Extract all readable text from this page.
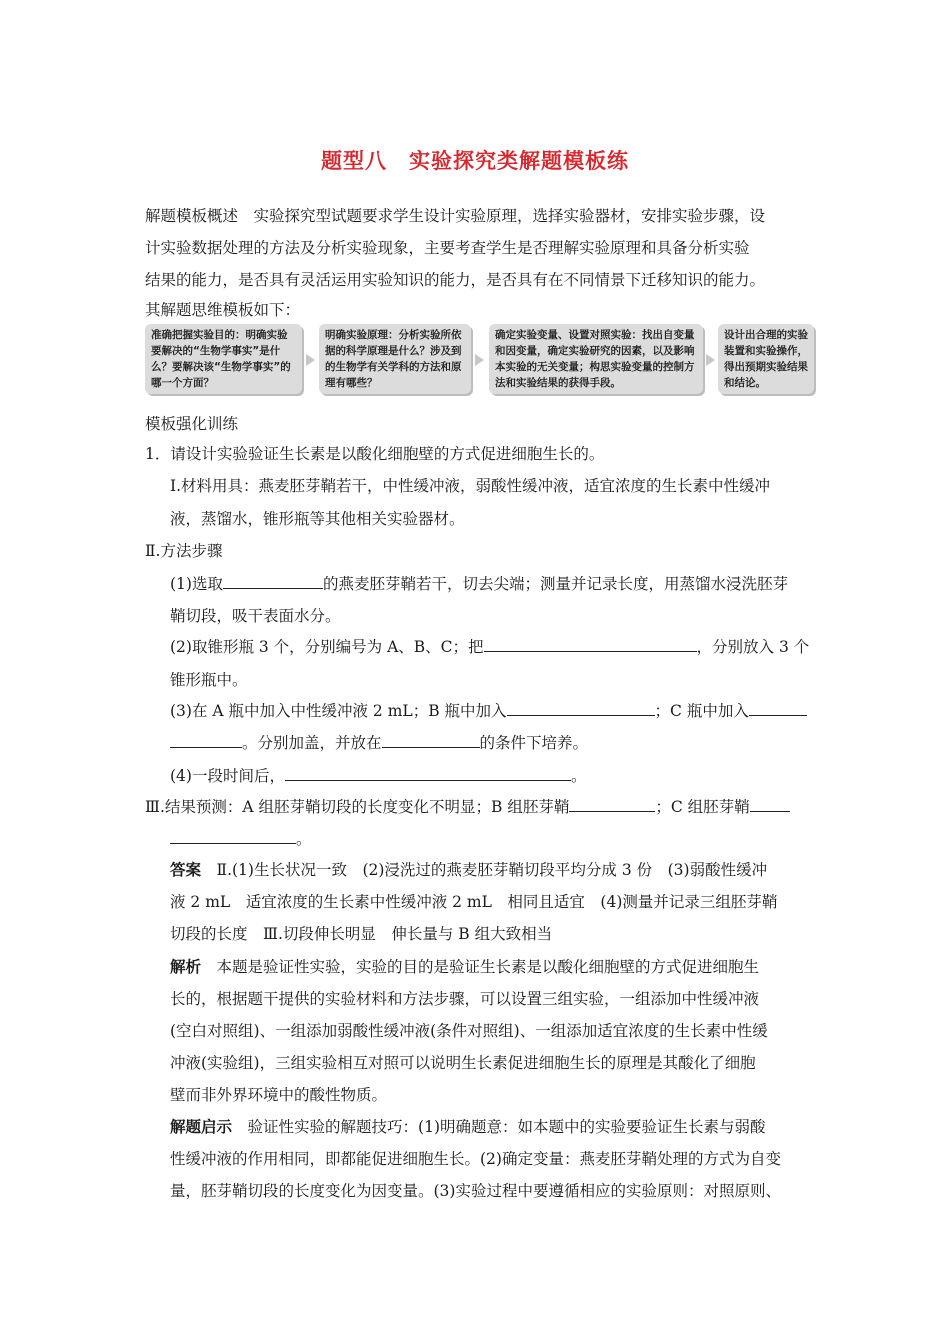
题型八　实验探究类解题模板练
解题模板概述　 实验探究型试题要求学生设计实验原理，选择实验器材，安排实验步骤，设
计实验数据处理的方法及分析实验现象，主要考查学生是否理解实验原理和具备分析实验
结果的能力，是否具有灵活运用实验知识的能力，是否具有在不同情景下迁移知识的能力。
其解题思维模板如下：
准确把握实验目的：明确实验要解决的“生物学事实”是什么？要解决该“生物学事实”的哪一个方面？
明确实验原理：分析实验所依据的科学原理是什么？涉及到的生物学有关学科的方法和原理有哪些？
确定实验变量、设置对照实验：找出自变量和因变量，确定实验研究的因素，以及影响本实验的无关变量；构思实验变量的控制方法和实验结果的获得手段。
设计出合理的实验装置和实验操作，得出预期实验结果和结论。
模板强化训练
1．请设计实验验证生长素是以酸化细胞壁的方式促进细胞生长的。
Ⅰ.材料用具：燕麦胚芽鞘若干，中性缓冲液，弱酸性缓冲液，适宜浓度的生长素中性缓冲
液，蒸馏水，锥形瓶等其他相关实验器材。
Ⅱ.方法步骤
(1)选取	的燕麦胚芽鞘若干，切去尖端；测量并记录长度，用蒸馏水浸洗胚芽
鞘切段，吸干表面水分。
(2)取锥形瓶 3 个，分别编号为 A、B、C；把	，分别放入 3 个
锥形瓶中。
(3)在 A 瓶中加入中性缓冲液 2 mL；B 瓶中加入	；C 瓶中加入
。分别加盖，并放在	的条件下培养。
(4)一段时间后，	。
Ⅲ.结果预测：A 组胚芽鞘切段的长度变化不明显；B 组胚芽鞘	；C 组胚芽鞘
。
答案　 Ⅱ.(1)生长状况一致　(2)浸洗过的燕麦胚芽鞘切段平均分成 3 份　(3)弱酸性缓冲
液 2 mL　适宜浓度的生长素中性缓冲液 2 mL　相同且适宜　(4)测量并记录三组胚芽鞘
切段的长度　Ⅲ.切段伸长明显　伸长量与 B 组大致相当
解析　 本题是验证性实验，实验的目的是验证生长素是以酸化细胞壁的方式促进细胞生
长的，根据题干提供的实验材料和方法步骤，可以设置三组实验，一组添加中性缓冲液
(空白对照组)、一组添加弱酸性缓冲液(条件对照组)、一组添加适宜浓度的生长素中性缓
冲液(实验组)，三组实验相互对照可以说明生长素促进细胞生长的原理是其酸化了细胞
壁而非外界环境中的酸性物质。
解题启示　 验证性实验的解题技巧：(1)明确题意：如本题中的实验要验证生长素与弱酸
性缓冲液的作用相同，即都能促进细胞生长。(2)确定变量：燕麦胚芽鞘处理的方式为自变
量，胚芽鞘切段的长度变化为因变量。(3)实验过程中要遵循相应的实验原则：对照原则、
